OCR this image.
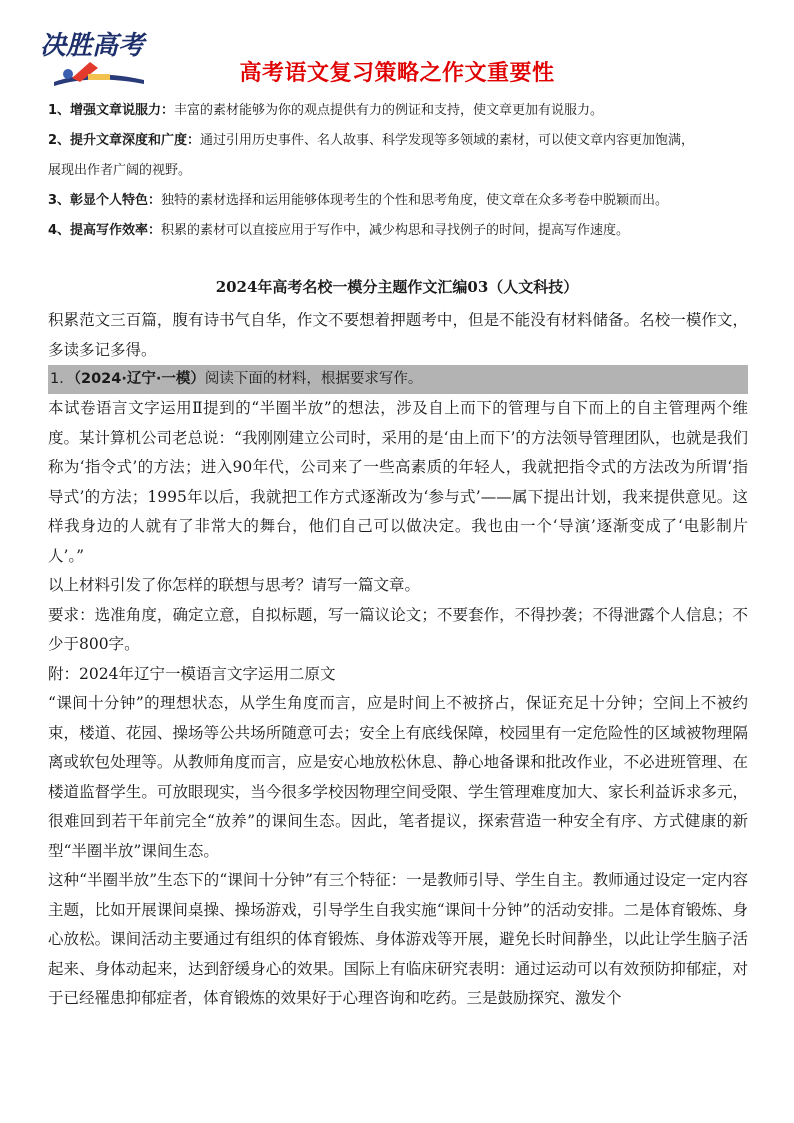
决胜高考
高考语文复习策略之作文重要性

1、增强文章说服力：丰富的素材能够为你的观点提供有力的例证和支持，使文章更加有说服力。

2、提升文章深度和广度：通过引用历史事件、名人故事、科学发现等多领域的素材，可以使文章内容更加饱满，
展现出作者广阔的视野。

3、彰显个人特色：独特的素材选择和运用能够体现考生的个性和思考角度，使文章在众多考卷中脱颖而出。

4、提高写作效率：积累的素材可以直接应用于写作中，减少构思和寻找例子的时间，提高写作速度。

2024年高考名校一模分主题作文汇编03（人文科技）

积累范文三百篇，腹有诗书气自华，作文不要想着押题考中，但是不能没有材料储备。名校一模作文，多读多记多得。

1．（2024·辽宁·一模）阅读下面的材料，根据要求写作。

本试卷语言文字运用Ⅱ提到的“半圈半放”的想法，涉及自上而下的管理与自下而上的自主管理两个维度。某计算机公司老总说：“我刚刚建立公司时，采用的是‘由上而下’的方法领导管理团队，也就是我们称为‘指令式’的方法；进入90年代，公司来了一些高素质的年轻人，我就把指令式的方法改为所谓‘指导式’的方法；1995年以后，我就把工作方式逐渐改为‘参与式’——属下提出计划，我来提供意见。这样我身边的人就有了非常大的舞台，他们自己可以做决定。我也由一个‘导演’逐渐变成了‘电影制片人’。”

以上材料引发了你怎样的联想与思考？请写一篇文章。

要求：选准角度，确定立意，自拟标题，写一篇议论文；不要套作，不得抄袭；不得泄露个人信息；不少于800字。

附：2024年辽宁一模语言文字运用二原文

“课间十分钟”的理想状态，从学生角度而言，应是时间上不被挤占，保证充足十分钟；空间上不被约束，楼道、花园、操场等公共场所随意可去；安全上有底线保障，校园里有一定危险性的区域被物理隔离或软包处理等。从教师角度而言，应是安心地放松休息、静心地备课和批改作业，不必进班管理、在楼道监督学生。可放眼现实，当今很多学校因物理空间受限、学生管理难度加大、家长利益诉求多元，很难回到若干年前完全“放养”的课间生态。因此，笔者提议，探索营造一种安全有序、方式健康的新型“半圈半放”课间生态。

这种“半圈半放”生态下的“课间十分钟”有三个特征：一是教师引导、学生自主。教师通过设定一定内容主题，比如开展课间桌操、操场游戏，引导学生自我实施“课间十分钟”的活动安排。二是体育锻炼、身心放松。课间活动主要通过有组织的体育锻炼、身体游戏等开展，避免长时间静坐，以此让学生脑子活起来、身体动起来，达到舒缓身心的效果。国际上有临床研究表明：通过运动可以有效预防抑郁症，对于已经罹患抑郁症者，体育锻炼的效果好于心理咨询和吃药。三是鼓励探究、激发个
